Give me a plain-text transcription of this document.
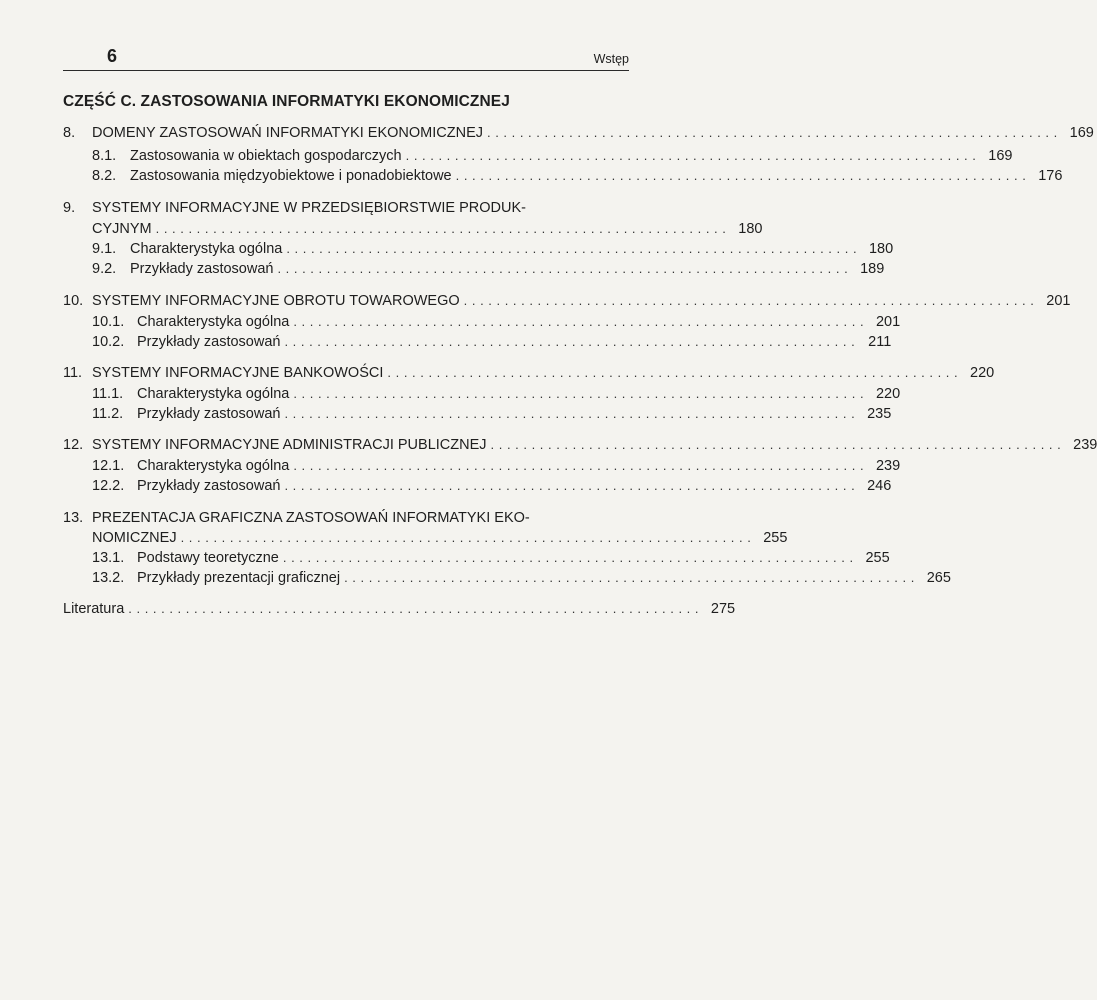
6	Wstęp
CZĘŚĆ C. ZASTOSOWANIA INFORMATYKI EKONOMICZNEJ
8. DOMENY ZASTOSOWAŃ INFORMATYKI EKONOMICZNEJ ...................................................................... 169
8.1. Zastosowania w obiektach gospodarczych ...................................................................... 169
8.2. Zastosowania międzyobiektowe i ponadobiektowe ...................................................................... 176
9. SYSTEMY INFORMACYJNE W PRZEDSIĘBIORSTWIE PRODUK-
CYJNYM ...................................................................... 180
9.1. Charakterystyka ogólna ...................................................................... 180
9.2. Przykłady zastosowań ...................................................................... 189
10. SYSTEMY INFORMACYJNE OBROTU TOWAROWEGO ...................................................................... 201
10.1. Charakterystyka ogólna ...................................................................... 201
10.2. Przykłady zastosowań ...................................................................... 211
11. SYSTEMY INFORMACYJNE BANKOWOŚCI ...................................................................... 220
11.1. Charakterystyka ogólna ...................................................................... 220
11.2. Przykłady zastosowań ...................................................................... 235
12. SYSTEMY INFORMACYJNE ADMINISTRACJI PUBLICZNEJ ...................................................................... 239
12.1. Charakterystyka ogólna ...................................................................... 239
12.2. Przykłady zastosowań ...................................................................... 246
13. PREZENTACJA GRAFICZNA ZASTOSOWAŃ INFORMATYKI EKO-
NOMICZNEJ ...................................................................... 255
13.1. Podstawy teoretyczne ...................................................................... 255
13.2. Przykłady prezentacji graficznej ...................................................................... 265
Literatura ...................................................................... 275
